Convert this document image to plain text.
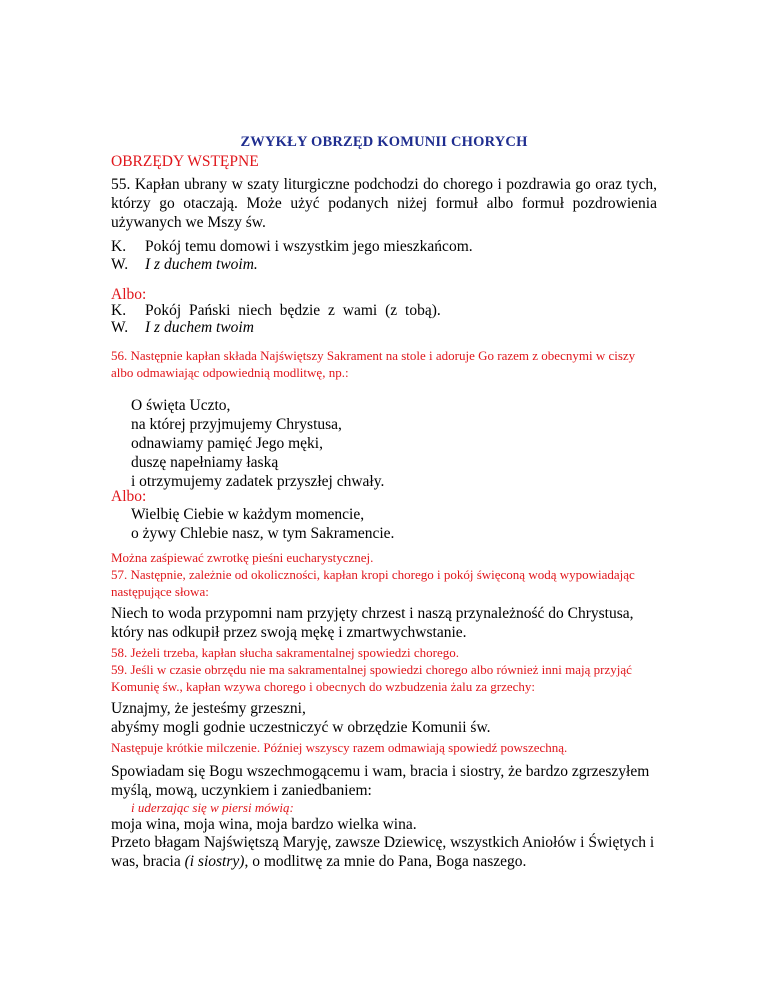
ZWYKŁY OBRZĘD KOMUNII CHORYCH
OBRZĘDY WSTĘPNE
55. Kapłan ubrany w szaty liturgiczne podchodzi do chorego i pozdrawia go oraz tych, którzy go otaczają. Może użyć podanych niżej formuł albo formuł pozdrowienia używanych we Mszy św.
K. Pokój temu domowi i wszystkim jego mieszkańcom.
W. I z duchem twoim.
Albo:
K. Pokój Pański niech będzie z wami (z tobą).
W. I z duchem twoim
56. Następnie kapłan składa Najświętszy Sakrament na stole i adoruje Go razem z obecnymi w ciszy albo odmawiając odpowiednią modlitwę, np.:
O święta Uczto,
na której przyjmujemy Chrystusa,
odnawiamy pamięć Jego męki,
duszę napełniamy łaską
i otrzymujemy zadatek przyszłej chwały.
Albo:
Wielbię Ciebie w każdym momencie,
o żywy Chlebie nasz, w tym Sakramencie.
Można zaśpiewać zwrotkę pieśni eucharystycznej.
57. Następnie, zależnie od okoliczności, kapłan kropi chorego i pokój święconą wodą wypowiadając następujące słowa:
Niech to woda przypomni nam przyjęty chrzest i naszą przynależność do Chrystusa, który nas odkupił przez swoją mękę i zmartwychwstanie.
58. Jeżeli trzeba, kapłan słucha sakramentalnej spowiedzi chorego.
59. Jeśli w czasie obrzędu nie ma sakramentalnej spowiedzi chorego albo również inni mają przyjąć Komunię św., kapłan wzywa chorego i obecnych do wzbudzenia żalu za grzechy:
Uznajmy, że jesteśmy grzeszni,
abyśmy mogli godnie uczestniczyć w obrzędzie Komunii św.
Następuje krótkie milczenie. Później wszyscy razem odmawiają spowiedź powszechną.
Spowiadam się Bogu wszechmogącemu i wam, bracia i siostry, że bardzo zgrzeszyłem myślą, mową, uczynkiem i zaniedbaniem:
i uderzając się w piersi mówią:
moja wina, moja wina, moja bardzo wielka wina.
Przeto błagam Najświętszą Maryję, zawsze Dziewicę, wszystkich Aniołów i Świętych i was, bracia (i siostry), o modlitwę za mnie do Pana, Boga naszego.
